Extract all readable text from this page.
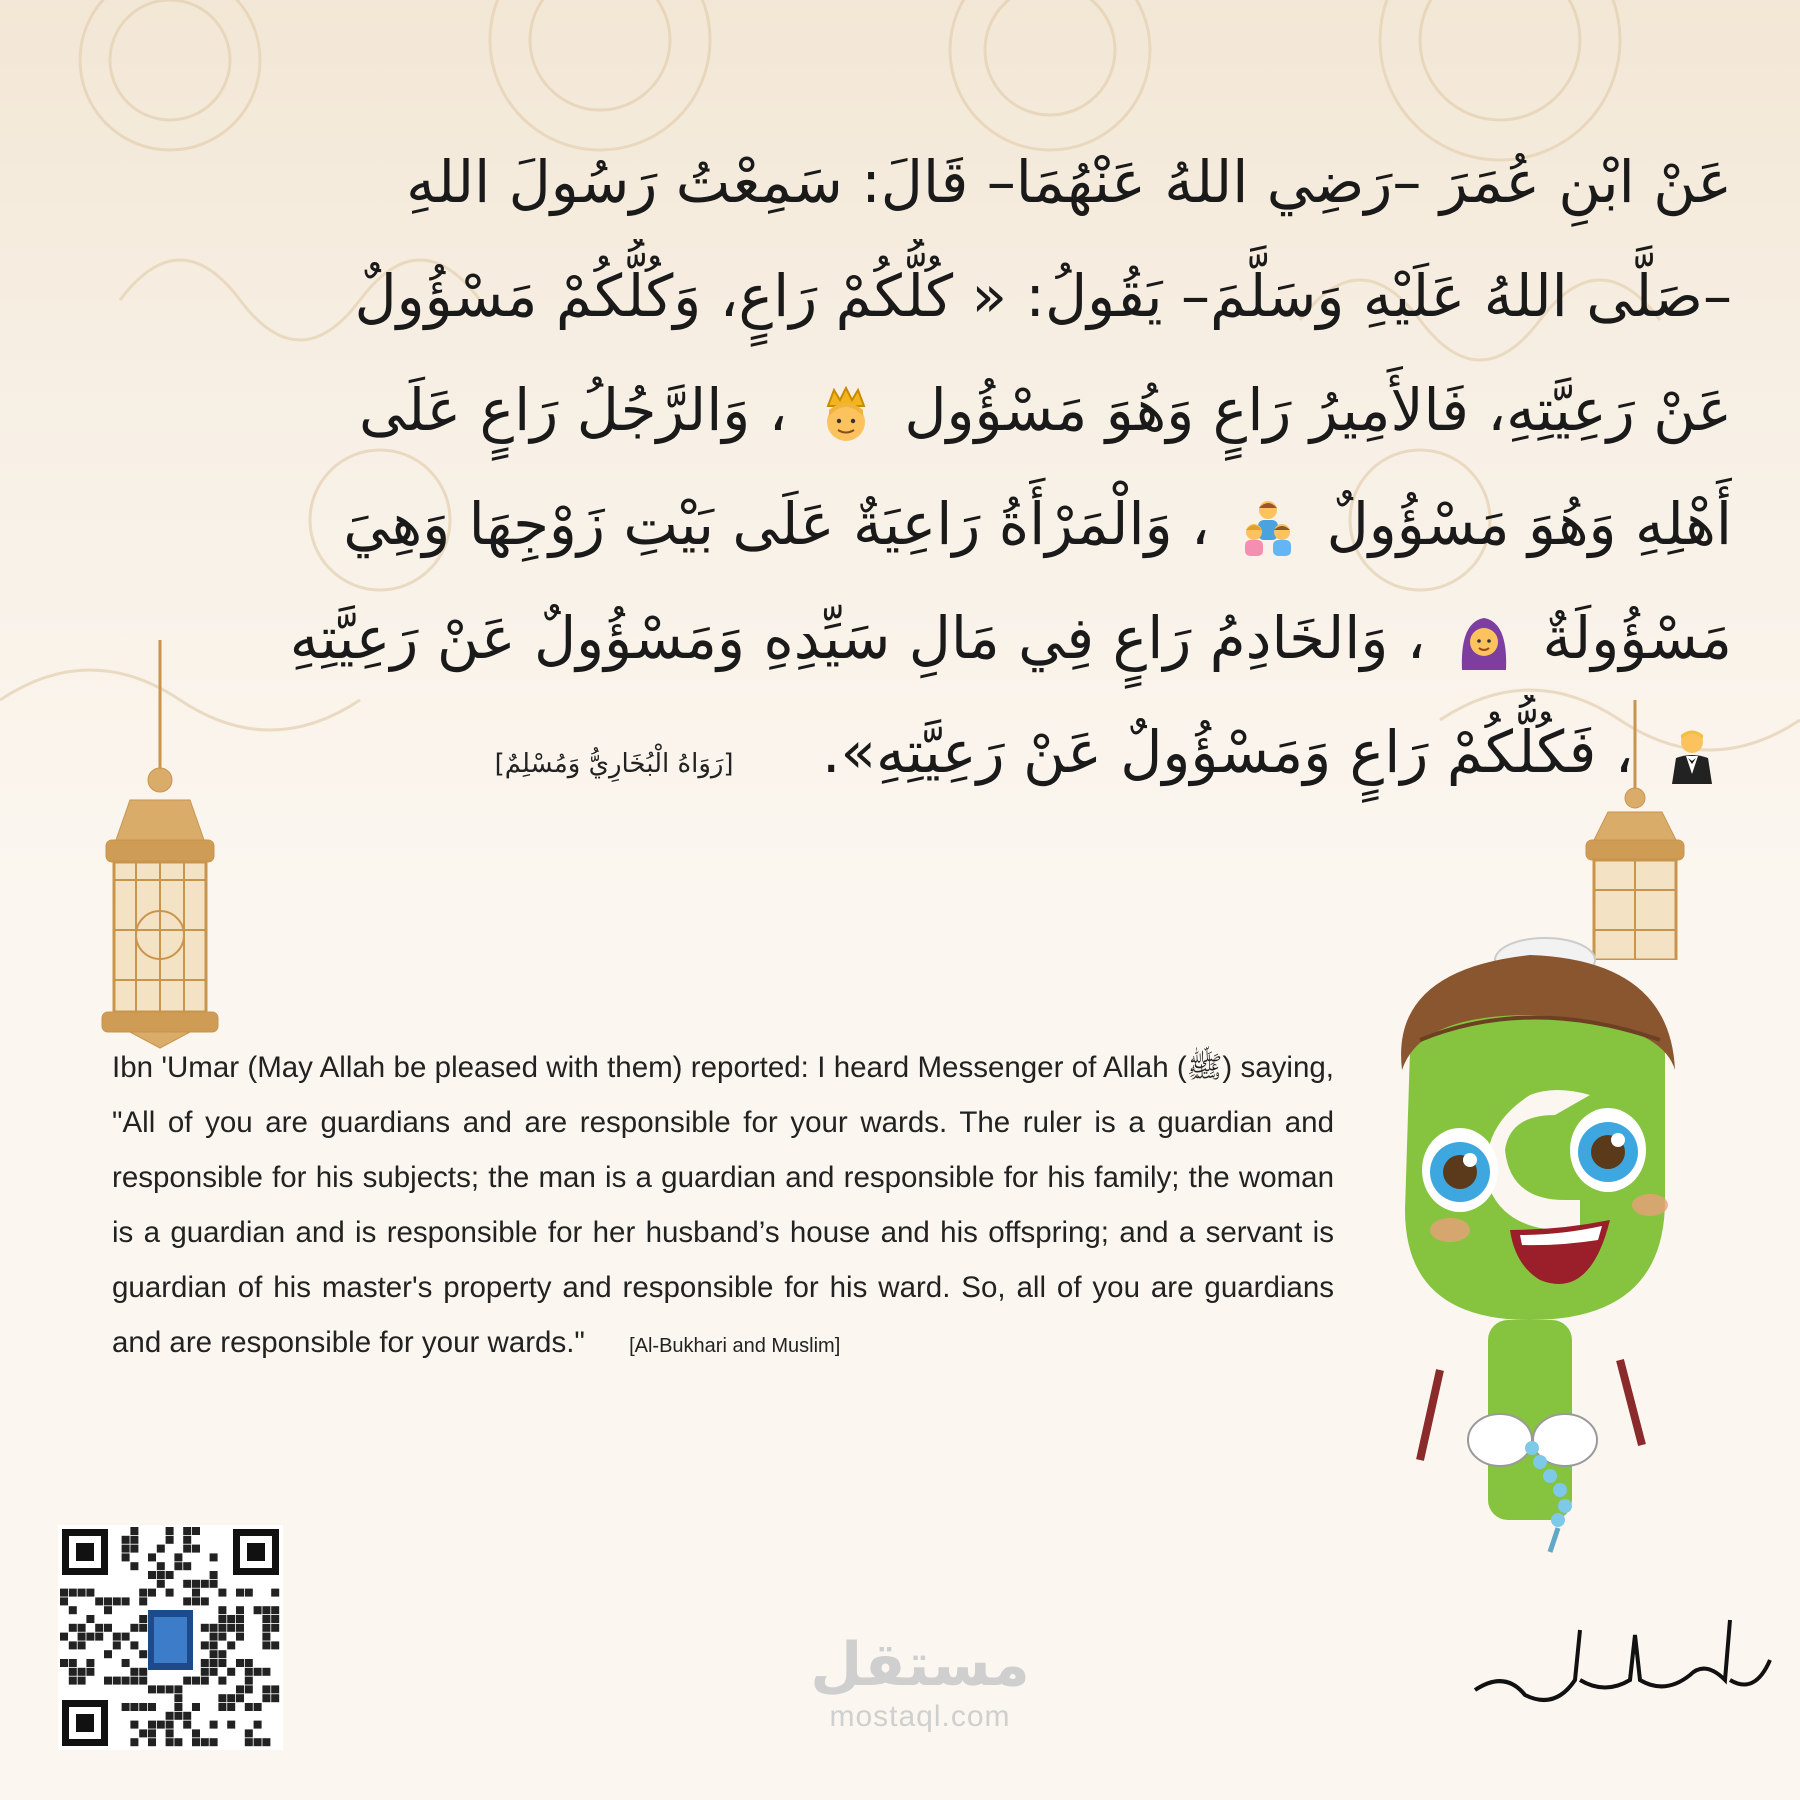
عَنْ ابْنِ عُمَرَ –رَضِي اللهُ عَنْهُمَا– قَالَ: سَمِعْتُ رَسُولَ اللهِ
–صَلَّى اللهُ عَلَيْهِ وَسَلَّمَ– يَقُولُ: « كُلُّكُمْ رَاعٍ، وَكُلُّكُمْ مَسْؤُولٌ
عَنْ رَعِيَّتِهِ، فَالأَمِيرُ رَاعٍ وَهُوَ مَسْؤُول  ، وَالرَّجُلُ رَاعٍ عَلَى
أَهْلِهِ وَهُوَ مَسْؤُولٌ  ، وَالْمَرْأَةُ رَاعِيَةٌ عَلَى بَيْتِ زَوْجِهَا وَهِيَ
مَسْؤُولَةٌ  ، وَالخَادِمُ رَاعٍ فِي مَالِ سَيِّدِهِ وَمَسْؤُولٌ عَنْ رَعِيَّتِهِ
، فَكُلُّكُمْ رَاعٍ وَمَسْؤُولٌ عَنْ رَعِيَّتِهِ». [رَوَاهُ الْبُخَارِيُّ وَمُسْلِمٌ]
Ibn 'Umar (May Allah be pleased with them) reported: I heard Messenger of Allah (ﷺ) saying, "All of you are guardians and are responsible for your wards. The ruler is a guardian and responsible for his subjects; the man is a guardian and responsible for his family; the woman is a guardian and is responsible for her husband’s house and his offspring; and a servant is guardian of his master's property and responsible for his ward. So, all of you are guardians and are responsible for your wards." [Al-Bukhari and Muslim]
مستقل
mostaql.com
